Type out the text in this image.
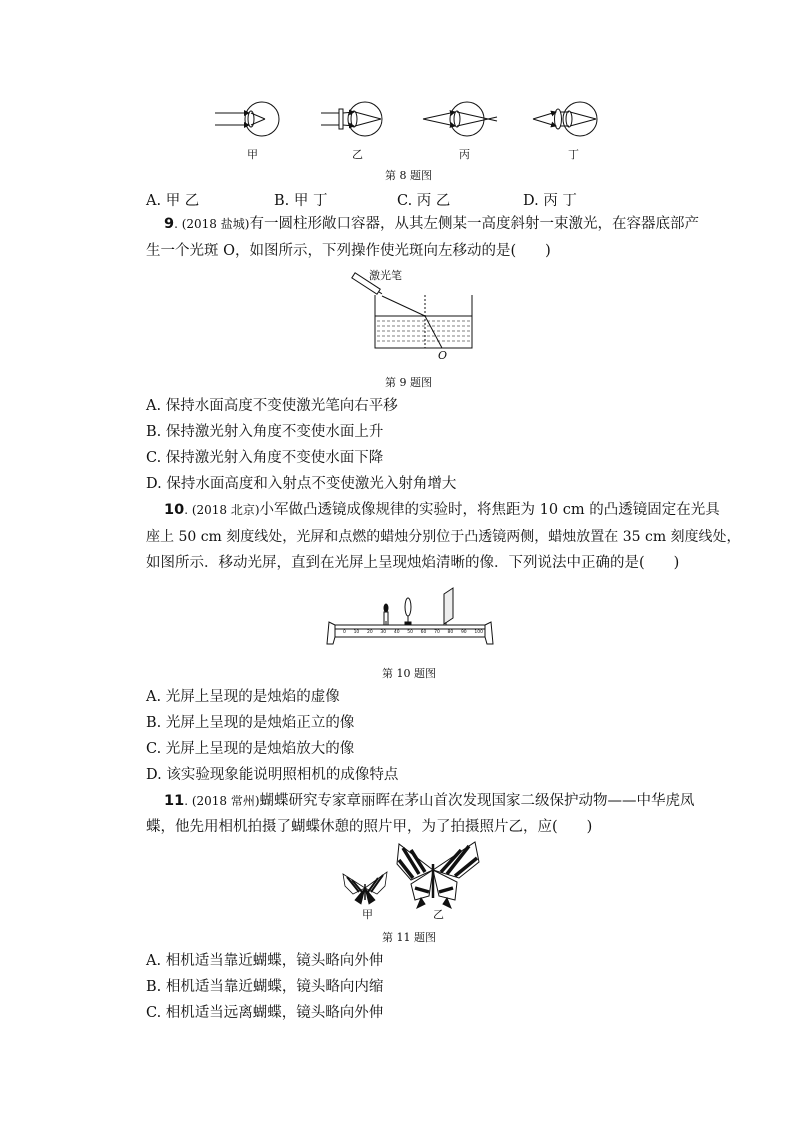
甲	乙	丙	丁
第 8 题图
A. 甲 乙	B. 甲 丁	C. 丙 乙	D. 丙 丁
9. (2018 盐城)有一圆柱形敞口容器，从其左侧某一高度斜射一束激光，在容器底部产
生一个光斑 O，如图所示，下列操作使光斑向左移动的是(　　)
激光笔
O
第 9 题图
A. 保持水面高度不变使激光笔向右平移
B. 保持激光射入角度不变使水面上升
C. 保持激光射入角度不变使水面下降
D. 保持水面高度和入射点不变使激光入射角增大
10. (2018 北京)小军做凸透镜成像规律的实验时，将焦距为 10 cm 的凸透镜固定在光具
座上 50 cm 刻度线处，光屏和点燃的蜡烛分别位于凸透镜两侧，蜡烛放置在 35 cm 刻度线处，
如图所示．移动光屏，直到在光屏上呈现烛焰清晰的像．下列说法中正确的是(　　)
0 10 20 30 40 50 60 70 80 90 100
第 10 题图
A. 光屏上呈现的是烛焰的虚像
B. 光屏上呈现的是烛焰正立的像
C. 光屏上呈现的是烛焰放大的像
D. 该实验现象能说明照相机的成像特点
11. (2018 常州)蝴蝶研究专家章丽晖在茅山首次发现国家二级保护动物——中华虎凤
蝶，他先用相机拍摄了蝴蝶休憩的照片甲，为了拍摄照片乙，应(　　)
甲	乙
第 11 题图
A. 相机适当靠近蝴蝶，镜头略向外伸
B. 相机适当靠近蝴蝶，镜头略向内缩
C. 相机适当远离蝴蝶，镜头略向外伸
